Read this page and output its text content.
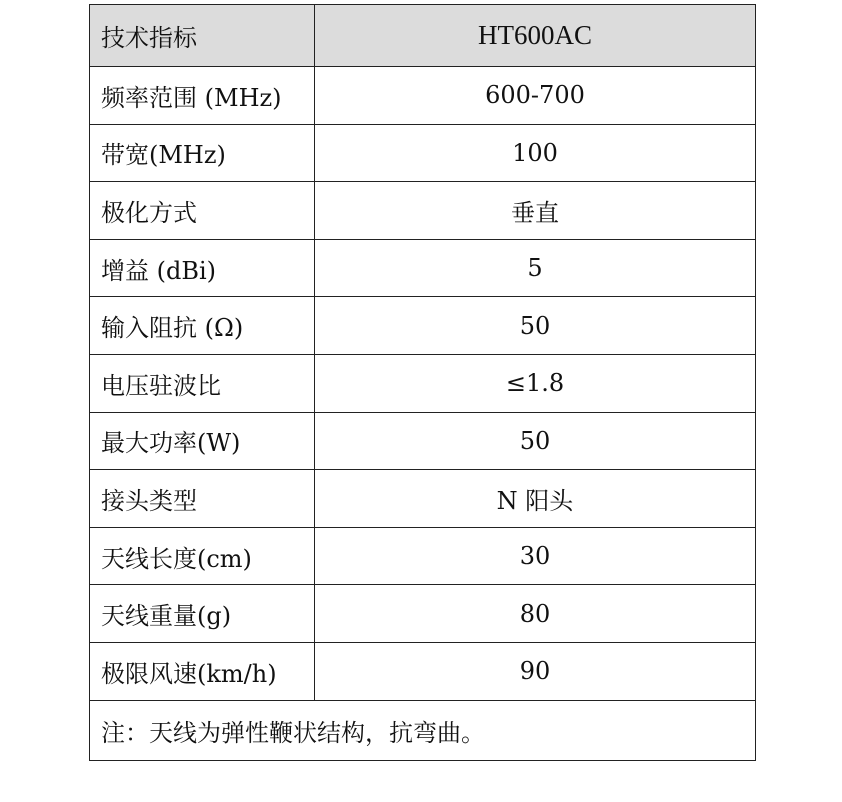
技术指标	HT600AC
频率范围 (MHz)	600-700
带宽(MHz)	100
极化方式	垂直
增益 (dBi)	5
输入阻抗 (Ω)	50
电压驻波比	≤1.8
最大功率(W)	50
接头类型	N 阳头
天线长度(cm)	30
天线重量(g)	80
极限风速(km/h)	90
注：天线为弹性鞭状结构，抗弯曲。	
